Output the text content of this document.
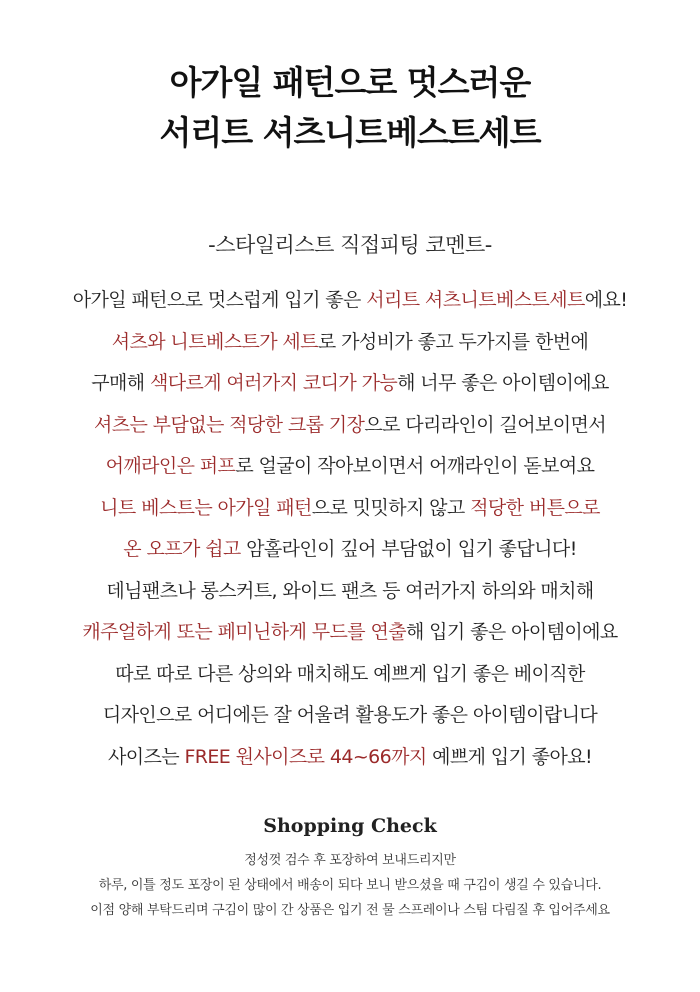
아가일 패턴으로 멋스러운
서리트 셔츠니트베스트세트
-스타일리스트 직접피팅 코멘트-
아가일 패턴으로 멋스럽게 입기 좋은 서리트 셔츠니트베스트세트에요!
셔츠와 니트베스트가 세트로 가성비가 좋고 두가지를 한번에
구매해 색다르게 여러가지 코디가 가능해 너무 좋은 아이템이에요
셔츠는 부담없는 적당한 크롭 기장으로 다리라인이 길어보이면서
어깨라인은 퍼프로 얼굴이 작아보이면서 어깨라인이 돋보여요
니트 베스트는 아가일 패턴으로 밋밋하지 않고 적당한 버튼으로
온 오프가 쉽고 암홀라인이 깊어 부담없이 입기 좋답니다!
데님팬츠나 롱스커트, 와이드 팬츠 등 여러가지 하의와 매치해
캐주얼하게 또는 페미닌하게 무드를 연출해 입기 좋은 아이템이에요
따로 따로 다른 상의와 매치해도 예쁘게 입기 좋은 베이직한
디자인으로 어디에든 잘 어울려 활용도가 좋은 아이템이랍니다
사이즈는 FREE 원사이즈로 44~66까지 예쁘게 입기 좋아요!
Shopping Check
정성껏 검수 후 포장하여 보내드리지만
하루, 이틀 정도 포장이 된 상태에서 배송이 되다 보니 받으셨을 때 구김이 생길 수 있습니다.
이점 양해 부탁드리며 구김이 많이 간 상품은 입기 전 물 스프레이나 스팀 다림질 후 입어주세요
